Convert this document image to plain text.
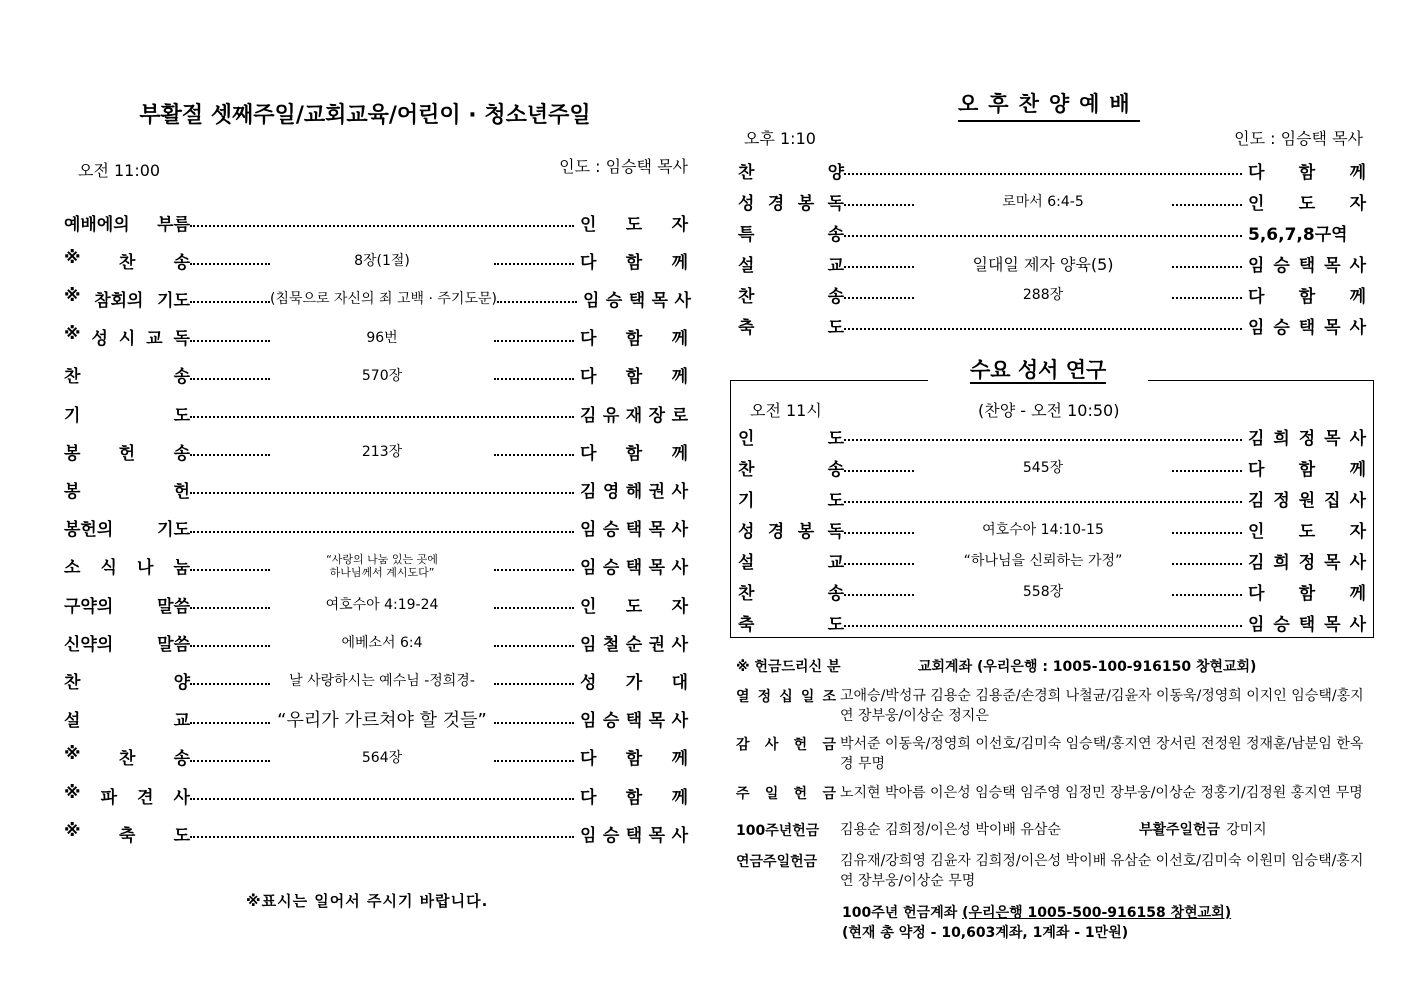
부활절 셋째주일/교회교육/어린이 · 청소년주일
오전 11:00	인도 : 임승택 목사
예배에의 부름	인 도 자
※ 찬 송	8장(1절)	다 함 께
※ 참회의 기도	(침묵으로 자신의 죄 고백 · 주기도문)	임 승 택 목 사
※ 성 시 교 독	96번	다 함 께
찬	송	570장	다 함 께
기	도	김 유 재 장 로
봉 헌 송	213장	다 함 께
봉	헌	김 영 해 권 사
봉헌의	기도	임 승 택 목 사
소 식 나 눔	“사랑의 나눔 있는 곳에
하나님께서 계시도다”	임 승 택 목 사
구약의	말씀	여호수아 4:19-24	인 도 자
신약의	말씀	에베소서 6:4	임 철 순 권 사
찬	양	날 사랑하시는 예수님 -정희경-	성 가 대
설	교	“우리가 가르쳐야 할 것들”	임 승 택 목 사
※ 찬 송	564장	다 함 께
※ 파 견 사	다 함 께
※ 축 도	임 승 택 목 사
※표시는 일어서 주시기 바랍니다.
오후찬양예배
오후 1:10	인도 : 임승택 목사
찬	양	다 함 께
성 경 봉 독	로마서 6:4-5	인 도 자
특	송	5,6,7,8구역
설	교	일대일 제자 양육(5)	임 승 택 목 사
찬	송	288장	다 함 께
축	도	임 승 택 목 사
수요 성서 연구
오전 11시	(찬양 - 오전 10:50)
인	도	김 희 정 목 사
찬	송	545장	다 함 께
기	도	김 정 원 집 사
성 경 봉 독	여호수아 14:10-15	인 도 자
설	교	“하나님을 신뢰하는 가정”	김 희 정 목 사
찬	송	558장	다 함 께
축	도	임 승 택 목 사
※ 헌금드리신 분	교회계좌 (우리은행 : 1005-100-916150 창현교회)
열 정 십 일 조 고애승/박성규 김용순 김용준/손경희 나철균/김윤자 이동욱/정영희 이지인 임승택/홍지연 장부웅/이상순 정지은
감 사 헌 금 박서준 이동욱/정영희 이선호/김미숙 임승택/홍지연 장서린 전정원 정재훈/남분임 한옥경 무명
주 일 헌 금 노지현 박아름 이은성 임승택 임주영 임정민 장부웅/이상순 정홍기/김정원 홍지연 무명
100주년헌금	김용순 김희정/이은성 박이배 유삼순	부활주일헌금 강미지
연금주일헌금	김유재/강희영 김윤자 김희정/이은성 박이배 유삼순 이선호/김미숙 이원미 임승택/홍지연 장부웅/이상순 무명
100주년 헌금계좌 (우리은행 1005-500-916158 창현교회)
(현재 총 약정 - 10,603계좌, 1계좌 - 1만원)
